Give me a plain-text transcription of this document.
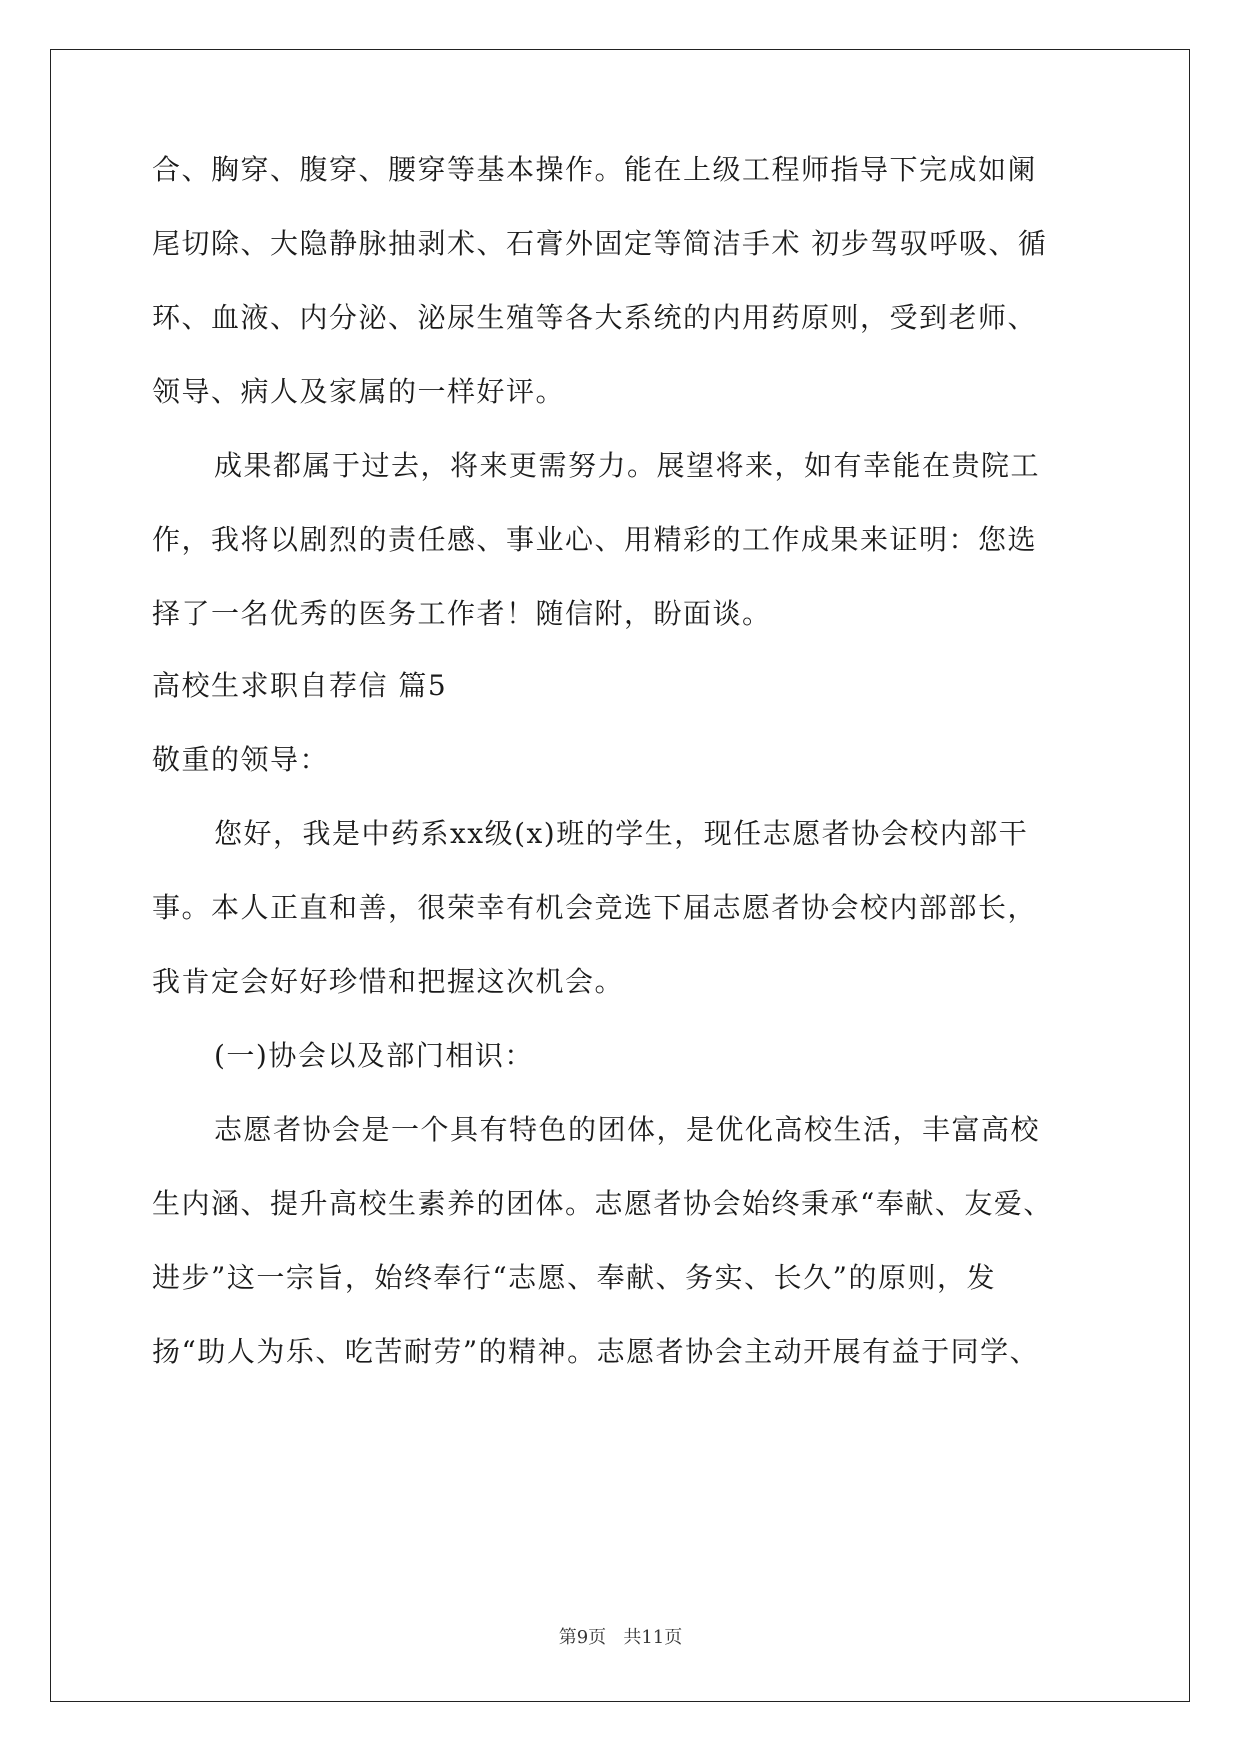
合、胸穿、腹穿、腰穿等基本操作。能在上级工程师指导下完成如阑
尾切除、大隐静脉抽剥术、石膏外固定等简洁手术 初步驾驭呼吸、循
环、血液、内分泌、泌尿生殖等各大系统的内用药原则，受到老师、
领导、病人及家属的一样好评。
成果都属于过去，将来更需努力。展望将来，如有幸能在贵院工
作，我将以剧烈的责任感、事业心、用精彩的工作成果来证明：您选
择了一名优秀的医务工作者！随信附，盼面谈。
高校生求职自荐信 篇5
敬重的领导：
您好，我是中药系xx级(x)班的学生，现任志愿者协会校内部干
事。本人正直和善，很荣幸有机会竞选下届志愿者协会校内部部长，
我肯定会好好珍惜和把握这次机会。
(一)协会以及部门相识：
志愿者协会是一个具有特色的团体，是优化高校生活，丰富高校
生内涵、提升高校生素养的团体。志愿者协会始终秉承“奉献、友爱、
进步”这一宗旨，始终奉行“志愿、奉献、务实、长久”的原则，发
扬“助人为乐、吃苦耐劳”的精神。志愿者协会主动开展有益于同学、
第9页   共11页
